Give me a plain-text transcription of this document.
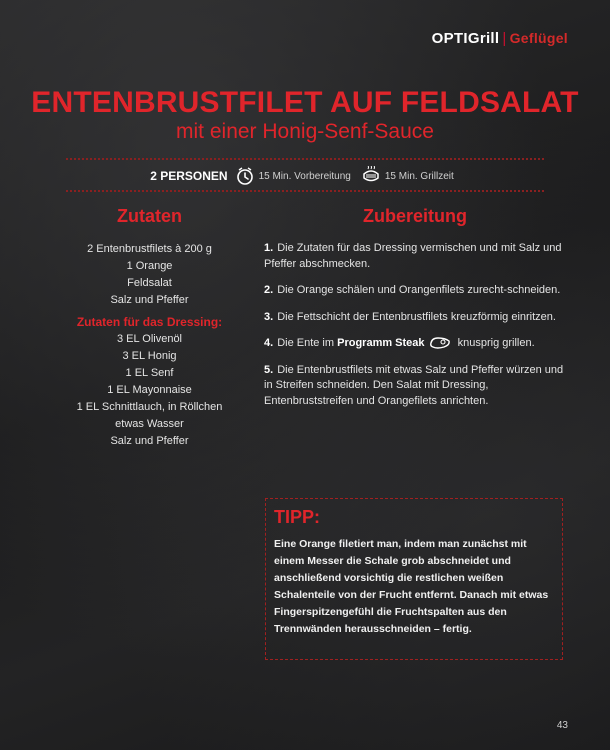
OPTIGrill | Geflügel
ENTENBRUSTFILET AUF FELDSALAT
mit einer Honig-Senf-Sauce
2 PERSONEN	15 Min. Vorbereitung	15 Min. Grillzeit
Zutaten
2 Entenbrustfilets à 200 g
1 Orange
Feldsalat
Salz und Pfeffer
Zutaten für das Dressing:
3 EL Olivenöl
3 EL Honig
1 EL Senf
1 EL Mayonnaise
1 EL Schnittlauch, in Röllchen
etwas Wasser
Salz und Pfeffer
Zubereitung
1. Die Zutaten für das Dressing vermischen und mit Salz und Pfeffer abschmecken.
2. Die Orange schälen und Orangenfilets zurecht-schneiden.
3. Die Fettschicht der Entenbrustfilets kreuzförmig einritzen.
4. Die Ente im Programm Steak	knusprig grillen.
5. Die Entenbrustfilets mit etwas Salz und Pfeffer würzen und in Streifen schneiden. Den Salat mit Dressing, Entenbruststreifen und Orangefilets anrichten.
TIPP:
Eine Orange filetiert man, indem man zunächst mit einem Messer die Schale grob abschneidet und anschließend vorsichtig die restlichen weißen Schalenteile von der Frucht entfernt. Danach mit etwas Fingerspitzengefühl die Fruchtspalten aus den Trennwänden herausschneiden – fertig.
43
